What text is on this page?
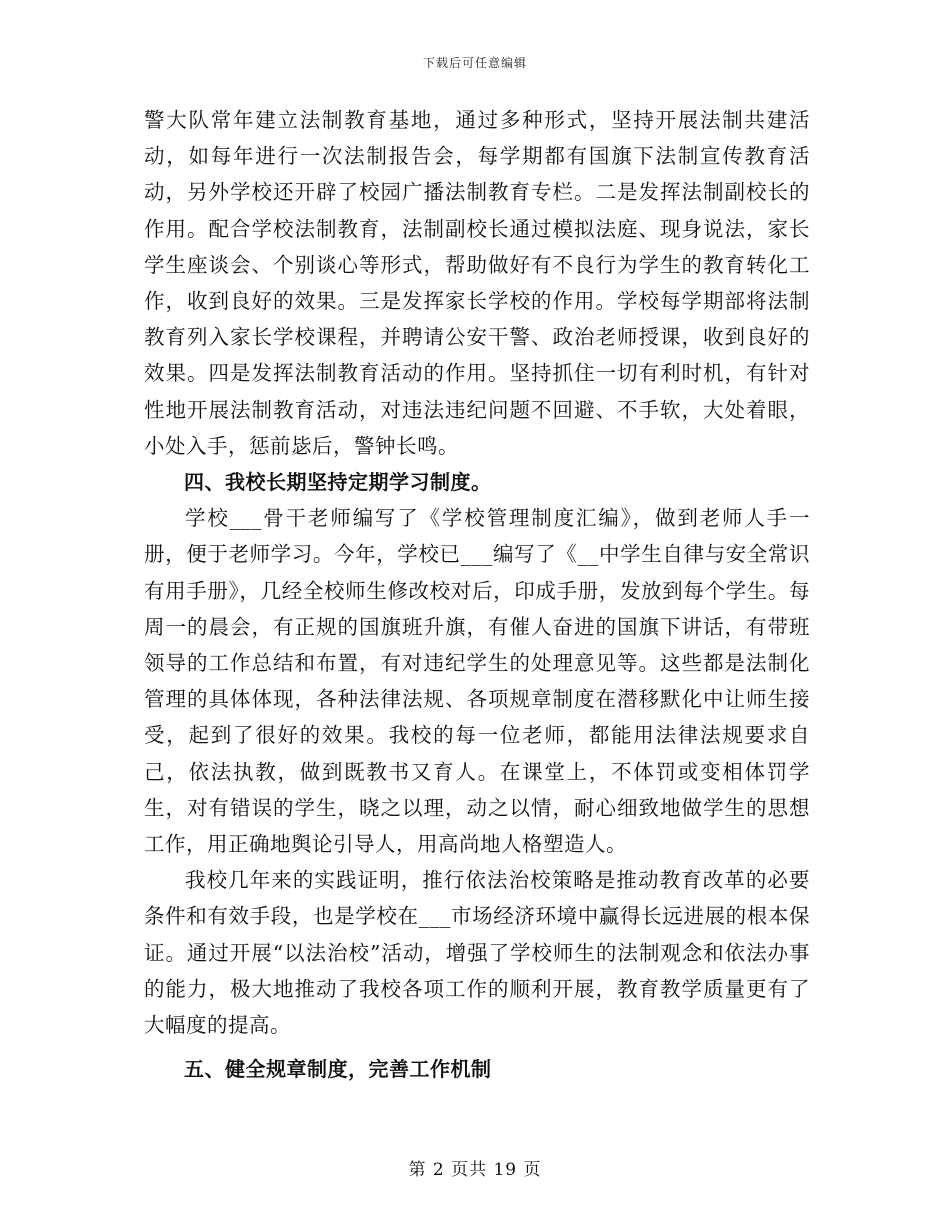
下载后可任意编辑

警大队常年建立法制教育基地，通过多种形式，坚持开展法制共建活动，如每年进行一次法制报告会，每学期都有国旗下法制宣传教育活动，另外学校还开辟了校园广播法制教育专栏。二是发挥法制副校长的作用。配合学校法制教育，法制副校长通过模拟法庭、现身说法，家长学生座谈会、个别谈心等形式，帮助做好有不良行为学生的教育转化工作，收到良好的效果。三是发挥家长学校的作用。学校每学期部将法制教育列入家长学校课程，并聘请公安干警、政治老师授课，收到良好的效果。四是发挥法制教育活动的作用。坚持抓住一切有利时机，有针对性地开展法制教育活动，对违法违纪问题不回避、不手软，大处着眼，小处入手，惩前毖后，警钟长鸣。

四、我校长期坚持定期学习制度。

学校___骨干老师编写了《学校管理制度汇编》，做到老师人手一册，便于老师学习。今年，学校已___编写了《__中学生自律与安全常识有用手册》，几经全校师生修改校对后，印成手册，发放到每个学生。每周一的晨会，有正规的国旗班升旗，有催人奋进的国旗下讲话，有带班领导的工作总结和布置，有对违纪学生的处理意见等。这些都是法制化管理的具体体现，各种法律法规、各项规章制度在潜移默化中让师生接受，起到了很好的效果。我校的每一位老师，都能用法律法规要求自己，依法执教，做到既教书又育人。在课堂上，不体罚或变相体罚学生，对有错误的学生，晓之以理，动之以情，耐心细致地做学生的思想工作，用正确地舆论引导人，用高尚地人格塑造人。

我校几年来的实践证明，推行依法治校策略是推动教育改革的必要条件和有效手段，也是学校在___市场经济环境中赢得长远进展的根本保证。通过开展“以法治校”活动，增强了学校师生的法制观念和依法办事的能力，极大地推动了我校各项工作的顺利开展，教育教学质量更有了大幅度的提高。

五、健全规章制度，完善工作机制

第 2 页共 19 页
